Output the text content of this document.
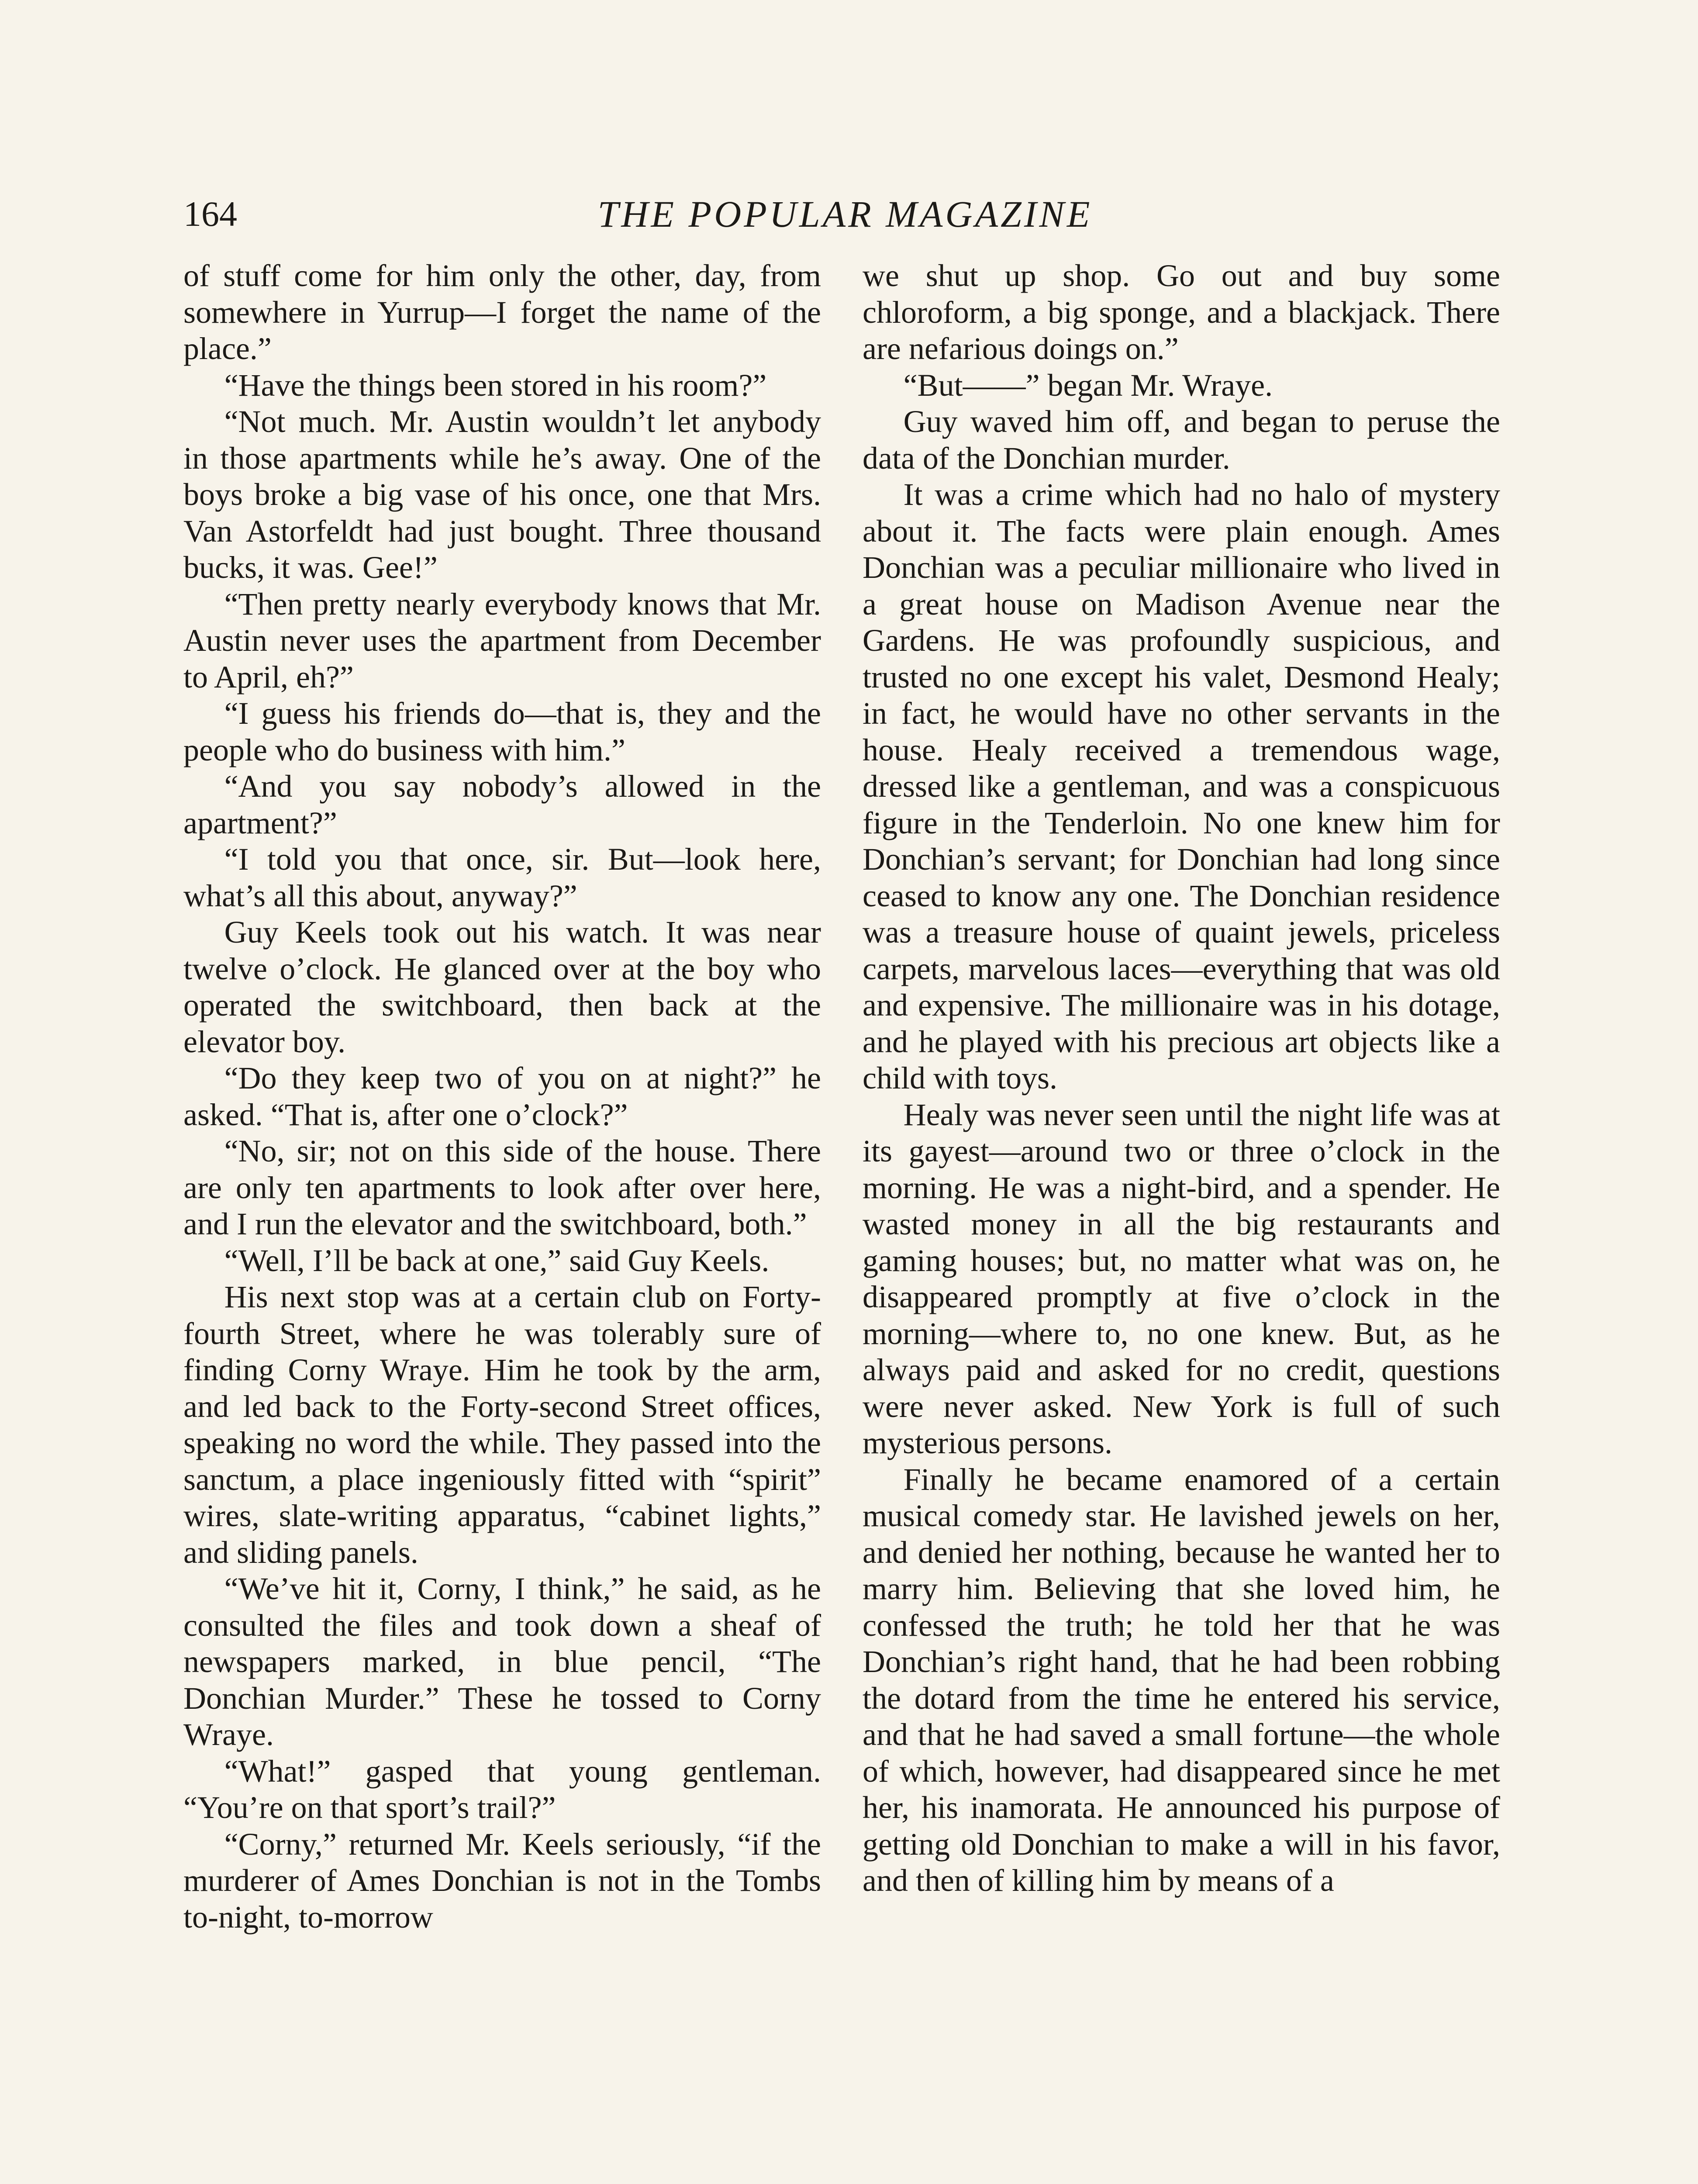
164	THE POPULAR MAGAZINE

of stuff come for him only the other, day, from somewhere in Yurrup—I forget the name of the place.”

“Have the things been stored in his room?”

“Not much. Mr. Austin wouldn’t let anybody in those apartments while he’s away. One of the boys broke a big vase of his once, one that Mrs. Van Astorfeldt had just bought. Three thousand bucks, it was. Gee!”

“Then pretty nearly everybody knows that Mr. Austin never uses the apartment from December to April, eh?”

“I guess his friends do—that is, they and the people who do business with him.”

“And you say nobody’s allowed in the apartment?”

“I told you that once, sir. But—look here, what’s all this about, anyway?”

Guy Keels took out his watch. It was near twelve o’clock. He glanced over at the boy who operated the switchboard, then back at the elevator boy.

“Do they keep two of you on at night?” he asked. “That is, after one o’clock?”

“No, sir; not on this side of the house. There are only ten apartments to look after over here, and I run the elevator and the switchboard, both.”

“Well, I’ll be back at one,” said Guy Keels.

His next stop was at a certain club on Forty-fourth Street, where he was tolerably sure of finding Corny Wraye. Him he took by the arm, and led back to the Forty-second Street offices, speaking no word the while. They passed into the sanctum, a place ingeniously fitted with “spirit” wires, slate-writing apparatus, “cabinet lights,” and sliding panels.

“We’ve hit it, Corny, I think,” he said, as he consulted the files and took down a sheaf of newspapers marked, in blue pencil, “The Donchian Murder.” These he tossed to Corny Wraye.

“What!” gasped that young gentleman. “You’re on that sport’s trail?”

“Corny,” returned Mr. Keels seriously, “if the murderer of Ames Donchian is not in the Tombs to-night, to-morrow

we shut up shop. Go out and buy some chloroform, a big sponge, and a blackjack. There are nefarious doings on.”

“But——” began Mr. Wraye.

Guy waved him off, and began to peruse the data of the Donchian murder.

It was a crime which had no halo of mystery about it. The facts were plain enough. Ames Donchian was a peculiar millionaire who lived in a great house on Madison Avenue near the Gardens. He was profoundly suspicious, and trusted no one except his valet, Desmond Healy; in fact, he would have no other servants in the house. Healy received a tremendous wage, dressed like a gentleman, and was a conspicuous figure in the Tenderloin. No one knew him for Donchian’s servant; for Donchian had long since ceased to know any one. The Donchian residence was a treasure house of quaint jewels, priceless carpets, marvelous laces—everything that was old and expensive. The millionaire was in his dotage, and he played with his precious art objects like a child with toys.

Healy was never seen until the night life was at its gayest—around two or three o’clock in the morning. He was a night-bird, and a spender. He wasted money in all the big restaurants and gaming houses; but, no matter what was on, he disappeared promptly at five o’clock in the morning—where to, no one knew. But, as he always paid and asked for no credit, questions were never asked. New York is full of such mysterious persons.

Finally he became enamored of a certain musical comedy star. He lavished jewels on her, and denied her nothing, because he wanted her to marry him. Believing that she loved him, he confessed the truth; he told her that he was Donchian’s right hand, that he had been robbing the dotard from the time he entered his service, and that he had saved a small fortune—the whole of which, however, had disappeared since he met her, his inamorata. He announced his purpose of getting old Donchian to make a will in his favor, and then of killing him by means of a
